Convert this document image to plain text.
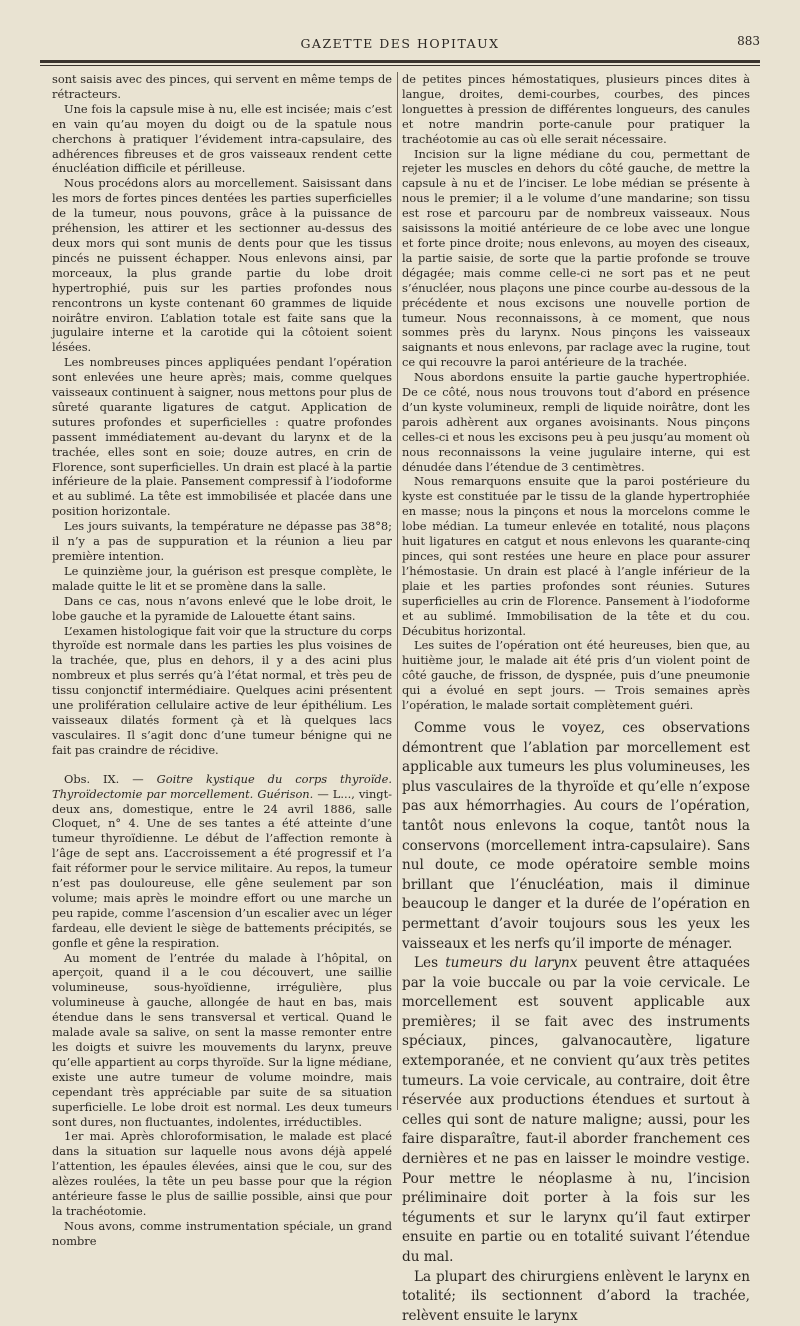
GAZETTE DES HOPITAUX	883

sont saisis avec des pinces, qui servent en même temps de rétracteurs.

Une fois la capsule mise à nu, elle est incisée; mais c’est en vain qu’au moyen du doigt ou de la spatule nous cherchons à pratiquer l’évidement intra-capsulaire, des adhérences fibreuses et de gros vaisseaux rendent cette énucléation difficile et périlleuse.

Nous procédons alors au morcellement. Saisissant dans les mors de fortes pinces dentées les parties superficielles de la tumeur, nous pouvons, grâce à la puissance de préhension, les attirer et les sectionner au-dessus des deux mors qui sont munis de dents pour que les tissus pincés ne puissent échapper. Nous enlevons ainsi, par morceaux, la plus grande partie du lobe droit hypertrophié, puis sur les parties profondes nous rencontrons un kyste contenant 60 grammes de liquide noirâtre environ. L’ablation totale est faite sans que la jugulaire interne et la carotide qui la côtoient soient lésées.

Les nombreuses pinces appliquées pendant l’opération sont enlevées une heure après; mais, comme quelques vaisseaux continuent à saigner, nous mettons pour plus de sûreté quarante ligatures de catgut. Application de sutures profondes et superficielles : quatre profondes passent immédiatement au-devant du larynx et de la trachée, elles sont en soie; douze autres, en crin de Florence, sont superficielles. Un drain est placé à la partie inférieure de la plaie. Pansement compressif à l’iodoforme et au sublimé. La tête est immobilisée et placée dans une position horizontale.

Les jours suivants, la température ne dépasse pas 38°8; il n’y a pas de suppuration et la réunion a lieu par première intention.

Le quinzième jour, la guérison est presque complète, le malade quitte le lit et se promène dans la salle.

Dans ce cas, nous n’avons enlevé que le lobe droit, le lobe gauche et la pyramide de Lalouette étant sains.

L’examen histologique fait voir que la structure du corps thyroïde est normale dans les parties les plus voisines de la trachée, que, plus en dehors, il y a des acini plus nombreux et plus serrés qu’à l’état normal, et très peu de tissu conjonctif intermédiaire. Quelques acini présentent une prolifération cellulaire active de leur épithélium. Les vaisseaux dilatés forment çà et là quelques lacs vasculaires. Il s’agit donc d’une tumeur bénigne qui ne fait pas craindre de récidive.

Obs. IX. — Goitre kystique du corps thyroïde. Thyroïdectomie par morcellement. Guérison. — L..., vingt-deux ans, domestique, entre le 24 avril 1886, salle Cloquet, n° 4. Une de ses tantes a été atteinte d’une tumeur thyroïdienne. Le début de l’affection remonte à l’âge de sept ans. L’accroissement a été progressif et l’a fait réformer pour le service militaire. Au repos, la tumeur n’est pas douloureuse, elle gêne seulement par son volume; mais après le moindre effort ou une marche un peu rapide, comme l’ascension d’un escalier avec un léger fardeau, elle devient le siège de battements précipités, se gonfle et gêne la respiration.

Au moment de l’entrée du malade à l’hôpital, on aperçoit, quand il a le cou découvert, une saillie volumineuse, sous-hyoïdienne, irrégulière, plus volumineuse à gauche, allongée de haut en bas, mais étendue dans le sens transversal et vertical. Quand le malade avale sa salive, on sent la masse remonter entre les doigts et suivre les mouvements du larynx, preuve qu’elle appartient au corps thyroïde. Sur la ligne médiane, existe une autre tumeur de volume moindre, mais cependant très appréciable par suite de sa situation superficielle. Le lobe droit est normal. Les deux tumeurs sont dures, non fluctuantes, indolentes, irréductibles.

1er mai. Après chloroformisation, le malade est placé dans la situation sur laquelle nous avons déjà appelé l’attention, les épaules élevées, ainsi que le cou, sur des alèzes roulées, la tête un peu basse pour que la région antérieure fasse le plus de saillie possible, ainsi que pour la trachéotomie.

Nous avons, comme instrumentation spéciale, un grand nombre

de petites pinces hémostatiques, plusieurs pinces dites à langue, droites, demi-courbes, courbes, des pinces longuettes à pression de différentes longueurs, des canules et notre mandrin porte-canule pour pratiquer la trachéotomie au cas où elle serait nécessaire.

Incision sur la ligne médiane du cou, permettant de rejeter les muscles en dehors du côté gauche, de mettre la capsule à nu et de l’inciser. Le lobe médian se présente à nous le premier; il a le volume d’une mandarine; son tissu est rose et parcouru par de nombreux vaisseaux. Nous saisissons la moitié antérieure de ce lobe avec une longue et forte pince droite; nous enlevons, au moyen des ciseaux, la partie saisie, de sorte que la partie profonde se trouve dégagée; mais comme celle-ci ne sort pas et ne peut s’énucléer, nous plaçons une pince courbe au-dessous de la précédente et nous excisons une nouvelle portion de tumeur. Nous reconnaissons, à ce moment, que nous sommes près du larynx. Nous pinçons les vaisseaux saignants et nous enlevons, par raclage avec la rugine, tout ce qui recouvre la paroi antérieure de la trachée.

Nous abordons ensuite la partie gauche hypertrophiée. De ce côté, nous nous trouvons tout d’abord en présence d’un kyste volumineux, rempli de liquide noirâtre, dont les parois adhèrent aux organes avoisinants. Nous pinçons celles-ci et nous les excisons peu à peu jusqu’au moment où nous reconnaissons la veine jugulaire interne, qui est dénudée dans l’étendue de 3 centimètres.

Nous remarquons ensuite que la paroi postérieure du kyste est constituée par le tissu de la glande hypertrophiée en masse; nous la pinçons et nous la morcelons comme le lobe médian. La tumeur enlevée en totalité, nous plaçons huit ligatures en catgut et nous enlevons les quarante-cinq pinces, qui sont restées une heure en place pour assurer l’hémostasie. Un drain est placé à l’angle inférieur de la plaie et les parties profondes sont réunies. Sutures superficielles au crin de Florence. Pansement à l’iodoforme et au sublimé. Immobilisation de la tête et du cou. Décubitus horizontal.

Les suites de l’opération ont été heureuses, bien que, au huitième jour, le malade ait été pris d’un violent point de côté gauche, de frisson, de dyspnée, puis d’une pneumonie qui a évolué en sept jours. — Trois semaines après l’opération, le malade sortait complètement guéri.

Comme vous le voyez, ces observations démontrent que l’ablation par morcellement est applicable aux tumeurs les plus volumineuses, les plus vasculaires de la thyroïde et qu’elle n’expose pas aux hémorrhagies. Au cours de l’opération, tantôt nous enlevons la coque, tantôt nous la conservons (morcellement intra-capsulaire). Sans nul doute, ce mode opératoire semble moins brillant que l’énucléation, mais il diminue beaucoup le danger et la durée de l’opération en permettant d’avoir toujours sous les yeux les vaisseaux et les nerfs qu’il importe de ménager.

Les tumeurs du larynx peuvent être attaquées par la voie buccale ou par la voie cervicale. Le morcellement est souvent applicable aux premières; il se fait avec des instruments spéciaux, pinces, galvanocautère, ligature extemporanée, et ne convient qu’aux très petites tumeurs. La voie cervicale, au contraire, doit être réservée aux productions étendues et surtout à celles qui sont de nature maligne; aussi, pour les faire disparaître, faut-il aborder franchement ces dernières et ne pas en laisser le moindre vestige. Pour mettre le néoplasme à nu, l’incision préliminaire doit porter à la fois sur les téguments et sur le larynx qu’il faut extirper ensuite en partie ou en totalité suivant l’étendue du mal.

La plupart des chirurgiens enlèvent le larynx en totalité; ils sectionnent d’abord la trachée, relèvent ensuite le larynx
